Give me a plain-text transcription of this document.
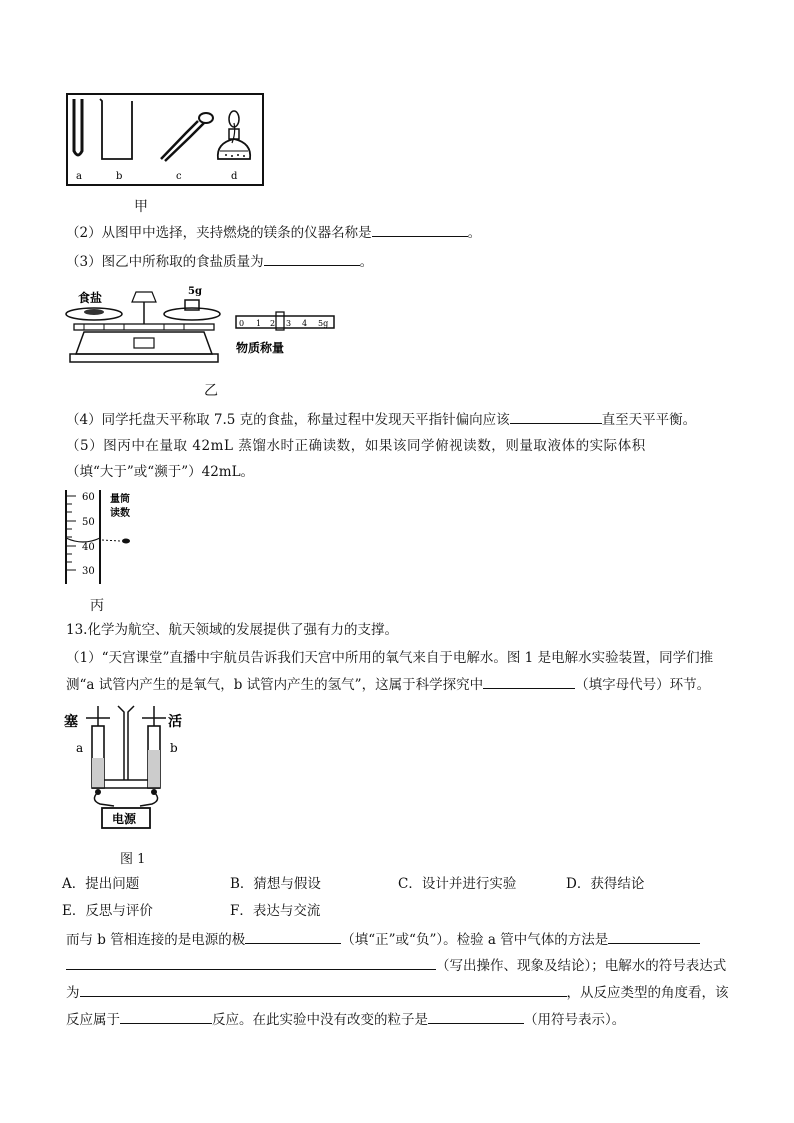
a	b	c	d
甲
（2）从图甲中选择，夹持燃烧的镁条的仪器名称是	。
（3）图乙中所称取的食盐质量为	。
食盐	5g
0 1 2 3 4 5g
物质称量
乙
（4）同学托盘天平称取 7.5 克的食盐，称量过程中发现天平指针偏向应该	直至天平平衡。
（5）图丙中在量取 42mL 蒸馏水时正确读数，如果该同学俯视读数，则量取液体的实际体积
（填“大于”或“濒于”）42mL。
60
50
40
30
量筒
读数
丙
13.化学为航空、航天领域的发展提供了强有力的支撑。
（1）“天宫课堂”直播中宇航员告诉我们天宫中所用的氧气来自于电解水。图 1 是电解水实验装置，同学们推
测“a 试管内产生的是氧气，b 试管内产生的氢气”，这属于科学探究中	（填字母代号）环节。
塞	活
a	b
电源
图 1
A．提出问题	B．猜想与假设	C．设计并进行实验	D．获得结论
E．反思与评价	F．表达与交流
而与 b 管相连接的是电源的极	（填“正”或“负”）。检验 a 管中气体的方法是
（写出操作、现象及结论）；电解水的符号表达式
为	，从反应类型的角度看，该
反应属于	反应。在此实验中没有改变的粒子是	（用符号表示）。
